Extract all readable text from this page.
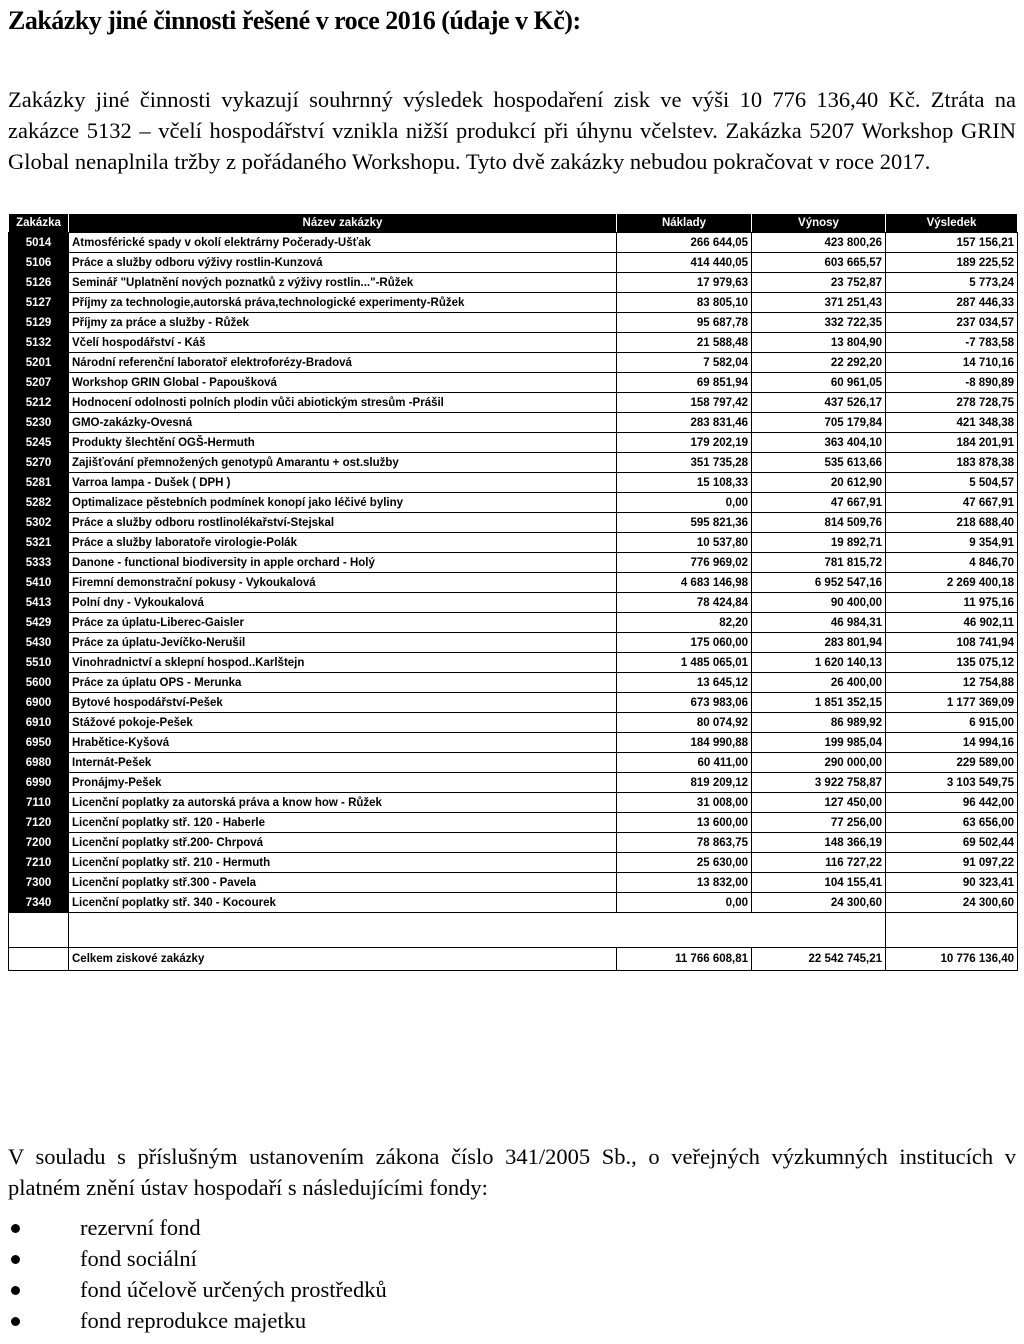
Zakázky jiné činnosti řešené v roce 2016 (údaje v Kč):
Zakázky jiné činnosti vykazují souhrnný výsledek hospodaření zisk ve výši 10 776 136,40 Kč. Ztráta na zakázce 5132 – včelí hospodářství vznikla nižší produkcí při úhynu včelstev. Zakázka 5207 Workshop GRIN Global nenaplnila tržby z pořádaného Workshopu. Tyto dvě zakázky nebudou pokračovat v roce 2017.
Zakázka	Název zakázky	Náklady	Výnosy	Výsledek
5014	Atmosférické spady v okolí elektrárny Počerady-Ušťak	266 644,05	423 800,26	157 156,21
5106	Práce a služby odboru výživy rostlin-Kunzová	414 440,05	603 665,57	189 225,52
5126	Seminář "Uplatnění nových poznatků z výživy rostlin..."-Růžek	17 979,63	23 752,87	5 773,24
5127	Příjmy za technologie,autorská práva,technologické experimenty-Růžek	83 805,10	371 251,43	287 446,33
5129	Příjmy za práce a služby - Růžek	95 687,78	332 722,35	237 034,57
5132	Včelí hospodářství - Káš	21 588,48	13 804,90	-7 783,58
5201	Národní referenční laboratoř elektroforézy-Bradová	7 582,04	22 292,20	14 710,16
5207	Workshop GRIN Global - Papoušková	69 851,94	60 961,05	-8 890,89
5212	Hodnocení odolnosti polních plodin vůči abiotickým stresům -Prášil	158 797,42	437 526,17	278 728,75
5230	GMO-zakázky-Ovesná	283 831,46	705 179,84	421 348,38
5245	Produkty šlechtění OGŠ-Hermuth	179 202,19	363 404,10	184 201,91
5270	Zajišťování přemnožených genotypů Amarantu + ost.služby	351 735,28	535 613,66	183 878,38
5281	Varroa lampa - Dušek ( DPH )	15 108,33	20 612,90	5 504,57
5282	Optimalizace pěstebních podmínek konopí jako léčivé byliny	0,00	47 667,91	47 667,91
5302	Práce a služby odboru rostlinolékařství-Stejskal	595 821,36	814 509,76	218 688,40
5321	Práce a služby laboratoře virologie-Polák	10 537,80	19 892,71	9 354,91
5333	Danone - functional biodiversity in apple orchard - Holý	776 969,02	781 815,72	4 846,70
5410	Firemní demonstrační pokusy - Vykoukalová	4 683 146,98	6 952 547,16	2 269 400,18
5413	Polní dny - Vykoukalová	78 424,84	90 400,00	11 975,16
5429	Práce za úplatu-Liberec-Gaisler	82,20	46 984,31	46 902,11
5430	Práce za úplatu-Jevíčko-Nerušil	175 060,00	283 801,94	108 741,94
5510	Vinohradnictví a sklepní hospod..Karlštejn	1 485 065,01	1 620 140,13	135 075,12
5600	Práce za úplatu OPS - Merunka	13 645,12	26 400,00	12 754,88
6900	Bytové hospodářství-Pešek	673 983,06	1 851 352,15	1 177 369,09
6910	Stážové pokoje-Pešek	80 074,92	86 989,92	6 915,00
6950	Hrabětice-Kyšová	184 990,88	199 985,04	14 994,16
6980	Internát-Pešek	60 411,00	290 000,00	229 589,00
6990	Pronájmy-Pešek	819 209,12	3 922 758,87	3 103 549,75
7110	Licenční poplatky za autorská práva a know how - Růžek	31 008,00	127 450,00	96 442,00
7120	Licenční poplatky stř. 120 - Haberle	13 600,00	77 256,00	63 656,00
7200	Licenční poplatky stř.200- Chrpová	78 863,75	148 366,19	69 502,44
7210	Licenční poplatky stř. 210 - Hermuth	25 630,00	116 727,22	91 097,22
7300	Licenční poplatky stř.300 - Pavela	13 832,00	104 155,41	90 323,41
7340	Licenční poplatky stř. 340 - Kocourek	0,00	24 300,60	24 300,60

	Celkem ziskové zakázky	11 766 608,81	22 542 745,21	10 776 136,40
V souladu s příslušným ustanovením zákona číslo 341/2005 Sb., o veřejných výzkumných institucích v platném znění ústav hospodaří s následujícími fondy:
rezervní fond
fond sociální
fond účelově určených prostředků
fond reprodukce majetku
